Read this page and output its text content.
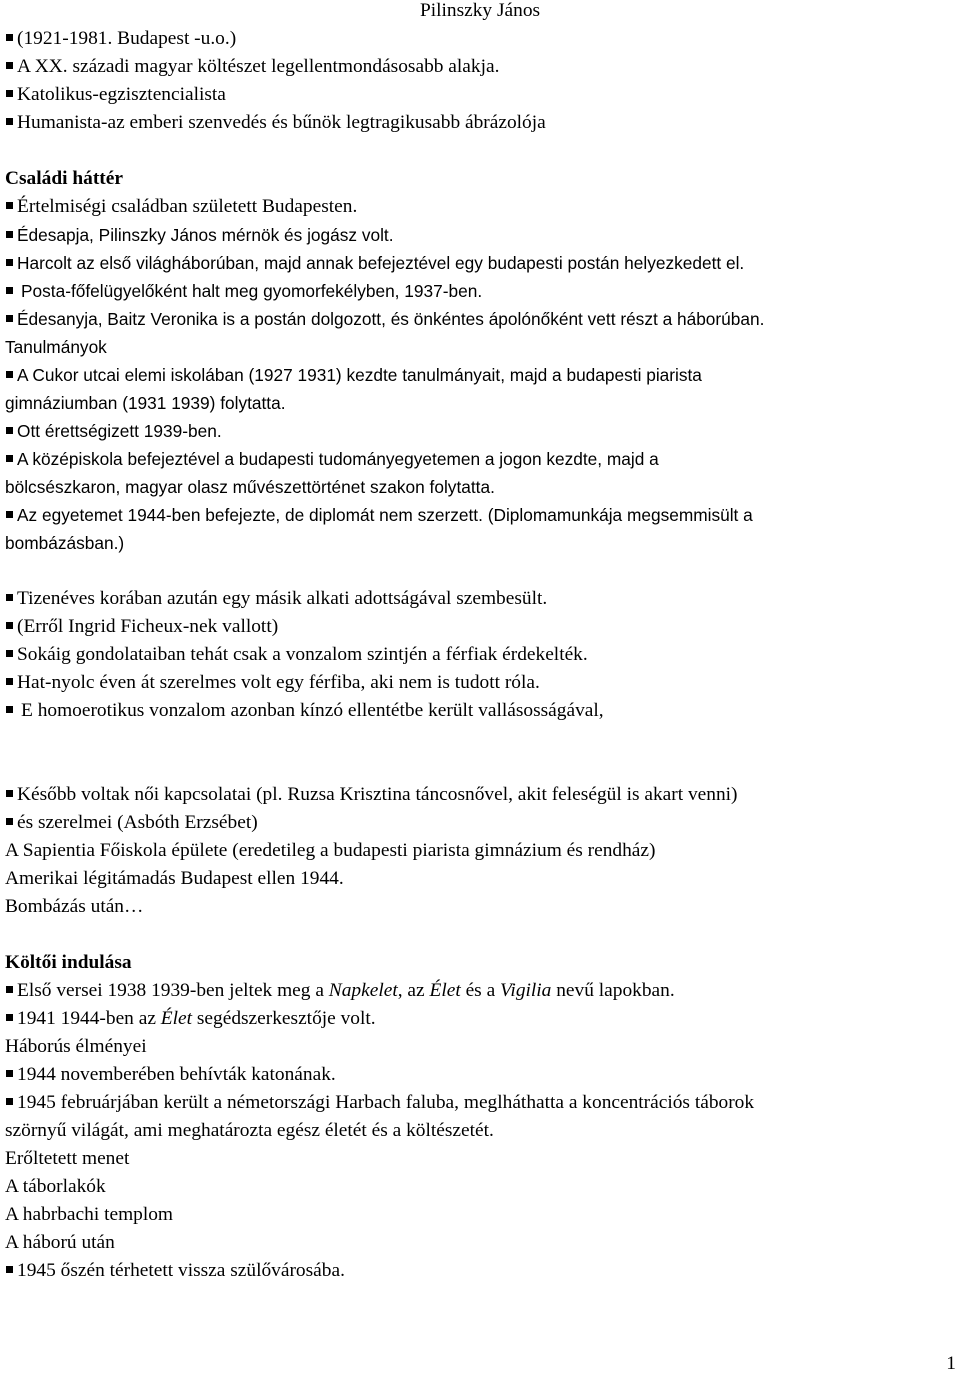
Pilinszky János
(1921-1981. Budapest -u.o.)
A XX. századi magyar költészet legellentmondásosabb alakja.
Katolikus-egzisztencialista
Humanista-az emberi szenvedés és bűnök legtragikusabb ábrázolója
Családi háttér
Értelmiségi családban született Budapesten.
Édesapja, Pilinszky János mérnök és jogász volt.
Harcolt az első világháborúban, majd annak befejeztével egy budapesti postán helyezkedett el.
Posta-főfelügyelőként halt meg gyomorfekélyben, 1937-ben.
Édesanyja, Baitz Veronika is a postán dolgozott, és önkéntes ápolónőként vett részt a háborúban.
Tanulmányok
A Cukor utcai elemi iskolában (1927 1931) kezdte tanulmányait, majd a budapesti piarista
gimnáziumban (1931 1939) folytatta.
Ott érettségizett 1939-ben.
A középiskola befejeztével a budapesti tudományegyetemen a jogon kezdte, majd a
bölcsészkaron, magyar olasz művészettörténet szakon folytatta.
Az egyetemet 1944-ben befejezte, de diplomát nem szerzett. (Diplomamunkája megsemmisült a
bombázásban.)
Tizenéves korában azután egy másik alkati adottságával szembesült.
(Erről Ingrid Ficheux-nek vallott)
Sokáig gondolataiban tehát csak a vonzalom szintjén a férfiak érdekelték.
Hat-nyolc éven át szerelmes volt egy férfiba, aki nem is tudott róla.
E homoerotikus vonzalom azonban kínzó ellentétbe került vallásosságával,
Később voltak női kapcsolatai (pl. Ruzsa Krisztina táncosnővel, akit feleségül is akart venni)
és szerelmei (Asbóth Erzsébet)
A Sapientia Főiskola épülete (eredetileg a budapesti piarista gimnázium és rendház)
Amerikai légitámadás Budapest ellen 1944.
Bombázás után…
Költői indulása
Első versei 1938 1939-ben jeltek meg a Napkelet, az Élet és a Vigilia nevű lapokban.
1941 1944-ben az Élet segédszerkesztője volt.
Háborús élményei
1944 novemberében behívták katonának.
1945 februárjában került a németországi Harbach faluba, meglháthatta a koncentrációs táborok
szörnyű világát, ami meghatározta egész életét és a költészetét.
Erőltetett menet
A táborlakók
A habrbachi templom
A háború után
1945 őszén térhetett vissza szülővárosába.
1
